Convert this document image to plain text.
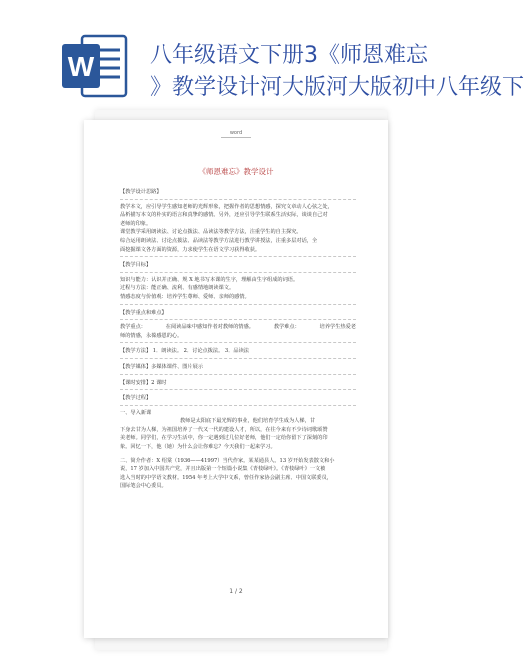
W	八年级语文下册3《师恩难忘
》教学设计河大版河大版初中八年级下
word
《师恩难忘》教学设计

【教学设计思路】

教学本文，应引导学生感知老师的光辉形象，把握作者的思想情感，探究文章动人心弦之处，

品析描写本文的朴实的语言和真挚的感情。另外，还应引导学生联系生活实际，谈谈自己对

老师的印象。

课堂教学采用朗读法、讨论点拨法、品读法等教学方法，注重学生的自主探究。

综合运用朗读法、讨论点拨法、品读法等教学方法进行教学讲授法，注重多层对话，全

面挖掘课文各方面的资源，力求使学生在语文学习获得收获。

【教学目标】

知识与能力：认识并正确、规 X 地书写本课的生字，理解由生字组成的词语。

过程与方法：能正确、流利、有感情地朗读课文。

情感态度与价值观：培养学生尊师、爱师、亲师的感情。

【教学重点和难点】

教学重点：	在阅读品味中感知作者对教师的情感。	教学难点：	培养学生热爱老

师的情感，永葆感恩的心。

【教学方法】 1．朗读法。 2．讨论点拨法。 3．品读法

【教学媒体】多媒体课件、图片展示

【课时安排】2 课时

【教学过程】

一、导入新课

教师是太阳底下最光辉的事业，他们培育学生成为人梯，甘

下身去甘为人梯，为祖国培养了一代又一代的建设人才，所以，在往今来有不少诗词歌颂赞

美老师。同学们，在学习生活中，你一定遇到过几位好老师，他们一定给你留下了深刻的印

象。回忆一下，他（她）为什么会让你难忘？今天我们一起来学习。

二、简介作者：X 绍棠（1936——41997）当代作家。某某通县人。13 岁开始发表散文和小

说，17 岁加入中国共产党，并且出版第一个短篇小说集《青枝绿叶》。《青枝绿叶》一文被

选入当时的中学语文教材。1954 年考上大学中文系，曾任作家协会副主席、中国文联委员，

国际笔会中心委员。

1 / 2
